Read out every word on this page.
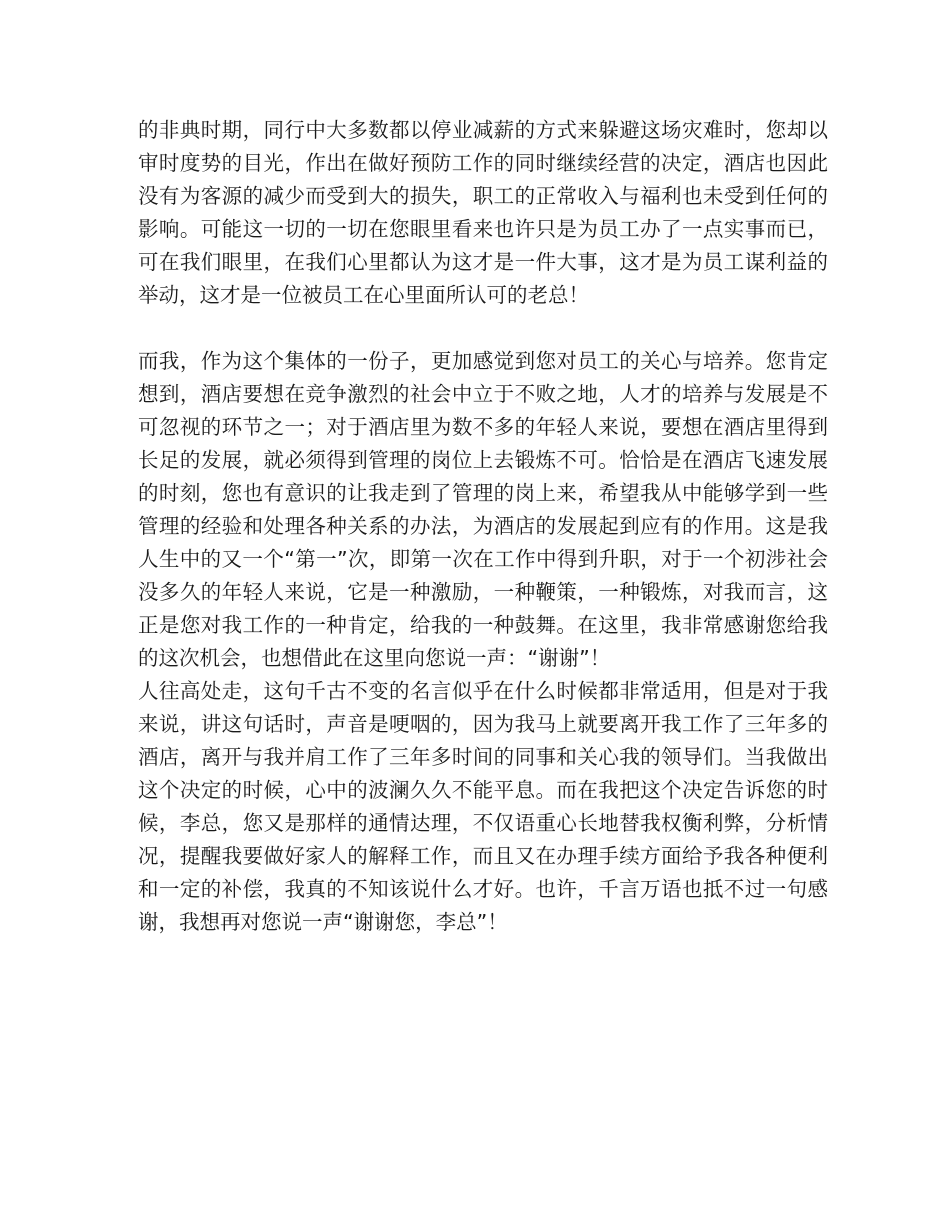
的非典时期，同行中大多数都以停业减薪的方式来躲避这场灾难时，您却以审时度势的目光，作出在做好预防工作的同时继续经营的决定，酒店也因此没有为客源的减少而受到大的损失，职工的正常收入与福利也未受到任何的影响。可能这一切的一切在您眼里看来也许只是为员工办了一点实事而已，可在我们眼里，在我们心里都认为这才是一件大事，这才是为员工谋利益的举动，这才是一位被员工在心里面所认可的老总！

而我，作为这个集体的一份子，更加感觉到您对员工的关心与培养。您肯定想到，酒店要想在竞争激烈的社会中立于不败之地，人才的培养与发展是不可忽视的环节之一；对于酒店里为数不多的年轻人来说，要想在酒店里得到长足的发展，就必须得到管理的岗位上去锻炼不可。恰恰是在酒店飞速发展的时刻，您也有意识的让我走到了管理的岗上来，希望我从中能够学到一些管理的经验和处理各种关系的办法，为酒店的发展起到应有的作用。这是我人生中的又一个“第一”次，即第一次在工作中得到升职，对于一个初涉社会没多久的年轻人来说，它是一种激励，一种鞭策，一种锻炼，对我而言，这正是您对我工作的一种肯定，给我的一种鼓舞。在这里，我非常感谢您给我的这次机会，也想借此在这里向您说一声：“谢谢”！

人往高处走，这句千古不变的名言似乎在什么时候都非常适用，但是对于我来说，讲这句话时，声音是哽咽的，因为我马上就要离开我工作了三年多的酒店，离开与我并肩工作了三年多时间的同事和关心我的领导们。当我做出这个决定的时候，心中的波澜久久不能平息。而在我把这个决定告诉您的时候，李总，您又是那样的通情达理，不仅语重心长地替我权衡利弊，分析情况，提醒我要做好家人的解释工作，而且又在办理手续方面给予我各种便利和一定的补偿，我真的不知该说什么才好。也许，千言万语也抵不过一句感谢，我想再对您说一声“谢谢您，李总”！
